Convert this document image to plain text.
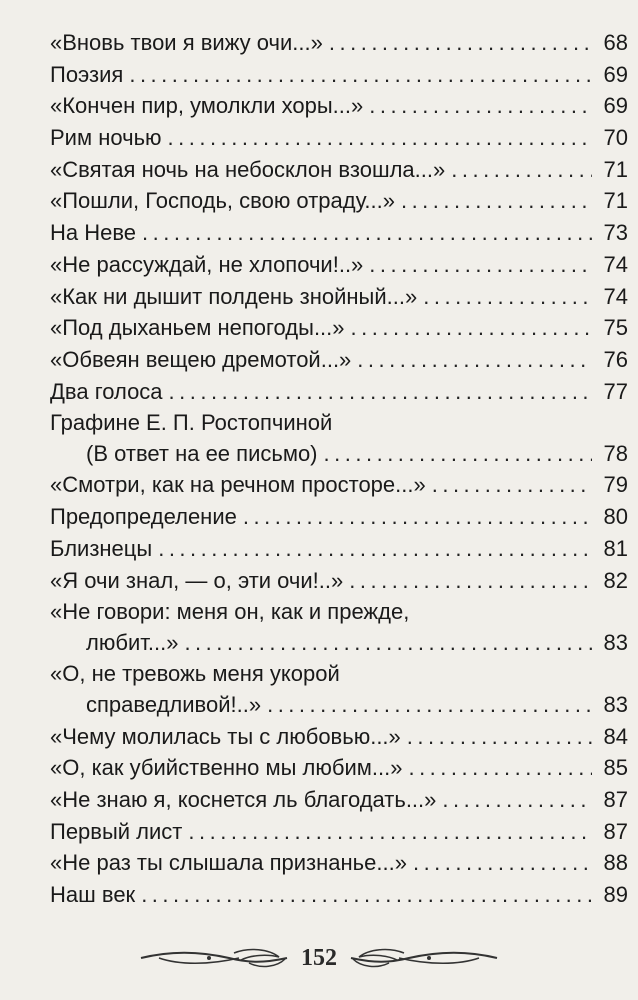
«Вновь твои я вижу очи...» .....	68
Поэзия .....	69
«Кончен пир, умолкли хоры...» .....	69
Рим ночью .....	70
«Святая ночь на небосклон взошла...» .....	71
«Пошли, Господь, свою отраду...» .....	71
На Неве .....	73
«Не рассуждай, не хлопочи!..» .....	74
«Как ни дышит полдень знойный...» .....	74
«Под дыханьем непогоды...» .....	75
«Обвеян вещею дремотой...» .....	76
Два голоса .....	77
Графине Е. П. Ростопчиной
(В ответ на ее письмо) .....	78
«Смотри, как на речном просторе...» .....	79
Предопределение .....	80
Близнецы .....	81
«Я очи знал, — о, эти очи!..» .....	82
«Не говори: меня он, как и прежде,
любит...» .....	83
«О, не тревожь меня укорой
справедливой!..» .....	83
«Чему молилась ты с любовью...» .....	84
«О, как убийственно мы любим...» .....	85
«Не знаю я, коснется ль благодать...» .....	87
Первый лист .....	87
«Не раз ты слышала признанье...» .....	88
Наш век .....	89
152
